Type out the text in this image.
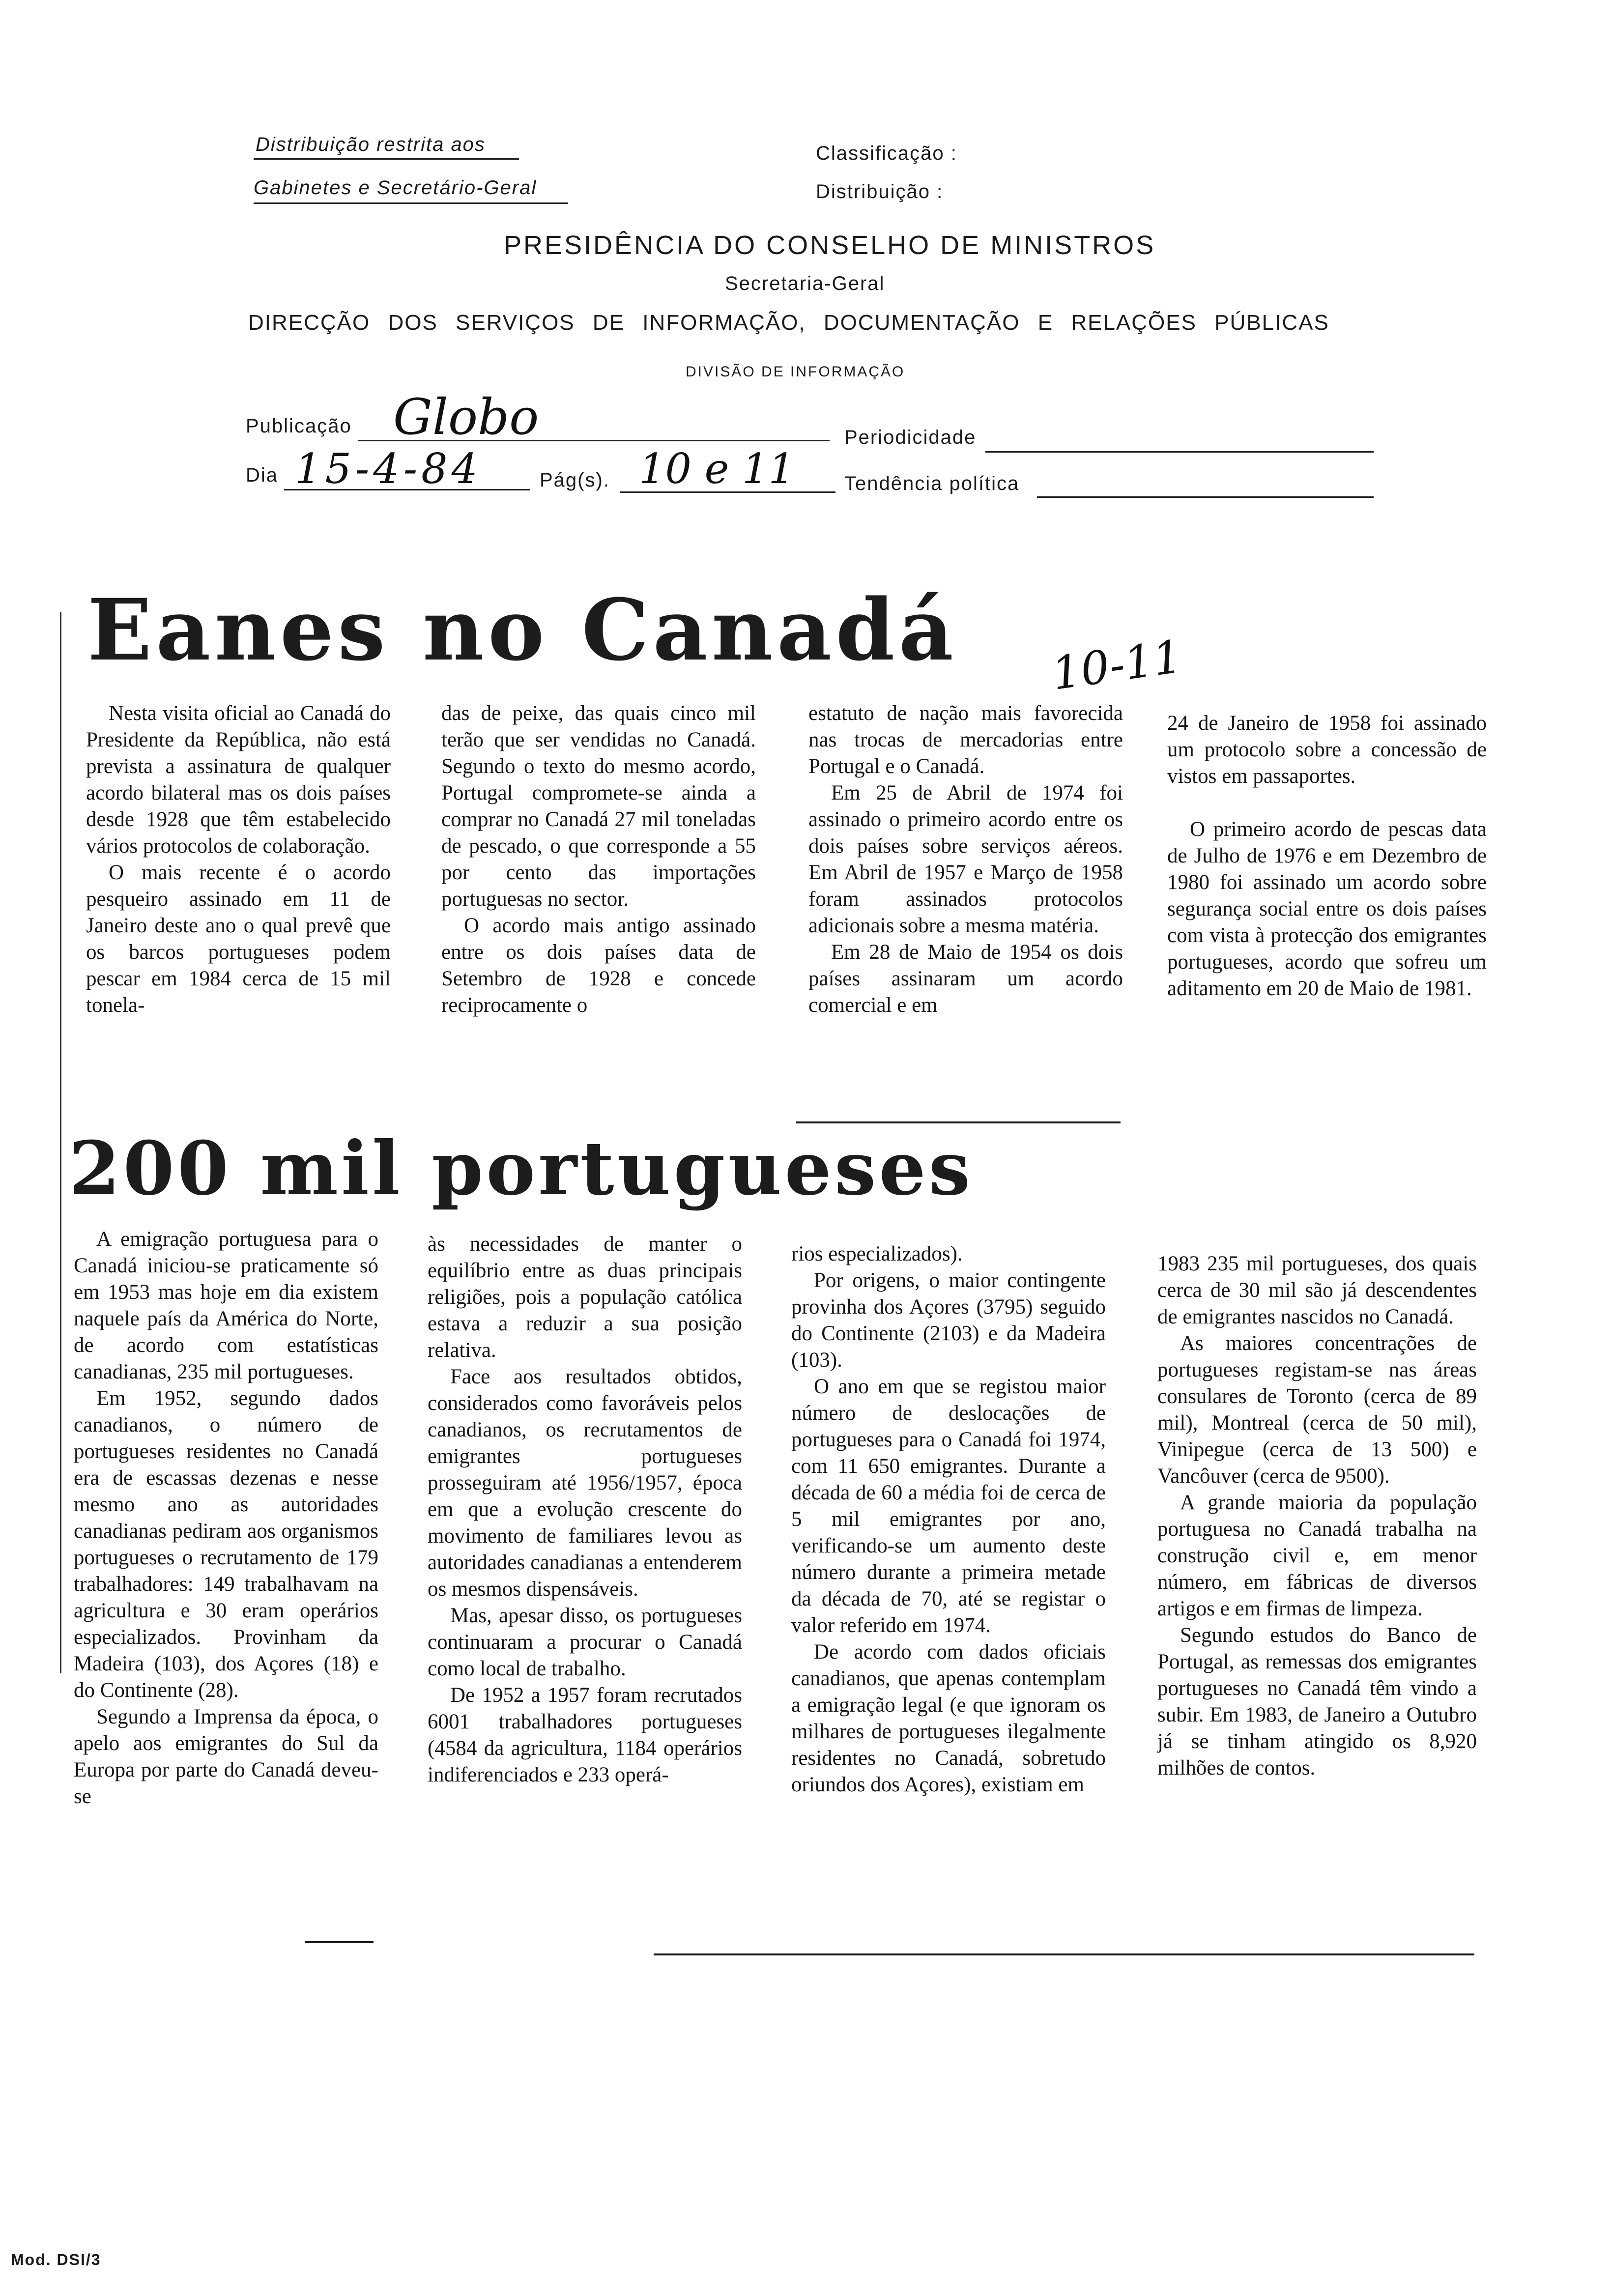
Distribuição restrita aos
Gabinetes e Secretário-Geral
Classificação :
Distribuição :
PRESIDÊNCIA DO CONSELHO DE MINISTROS
Secretaria-Geral
DIRECÇÃO DOS SERVIÇOS DE INFORMAÇÃO, DOCUMENTAÇÃO E RELAÇÕES PÚBLICAS
DIVISÃO DE INFORMAÇÃO
Publicação Globo	Periodicidade
Dia 15-4-84	Pág(s). 10 e 11	Tendência política
Eanes no Canadá 10-11

Nesta visita oficial ao Canadá do Presidente da República, não está prevista a assinatura de qualquer acordo bilateral mas os dois países desde 1928 que têm estabelecido vários protocolos de colaboração.

O mais recente é o acordo pesqueiro assinado em 11 de Janeiro deste ano o qual prevê que os barcos portugueses podem pescar em 1984 cerca de 15 mil tonela-

das de peixe, das quais cinco mil terão que ser vendidas no Canadá. Segundo o texto do mesmo acordo, Portugal compromete-se ainda a comprar no Canadá 27 mil toneladas de pescado, o que corresponde a 55 por cento das importações portuguesas no sector.

O acordo mais antigo assinado entre os dois países data de Setembro de 1928 e concede reciprocamente o

estatuto de nação mais favorecida nas trocas de mercadorias entre Portugal e o Canadá.

Em 25 de Abril de 1974 foi assinado o primeiro acordo entre os dois países sobre serviços aéreos. Em Abril de 1957 e Março de 1958 foram assinados protocolos adicionais sobre a mesma matéria.

Em 28 de Maio de 1954 os dois países assinaram um acordo comercial e em

24 de Janeiro de 1958 foi assinado um protocolo sobre a concessão de vistos em passaportes.

O primeiro acordo de pescas data de Julho de 1976 e em Dezembro de 1980 foi assinado um acordo sobre segurança social entre os dois países com vista à protecção dos emigrantes portugueses, acordo que sofreu um aditamento em 20 de Maio de 1981.

200 mil portugueses

A emigração portuguesa para o Canadá iniciou-se praticamente só em 1953 mas hoje em dia existem naquele país da América do Norte, de acordo com estatísticas canadianas, 235 mil portugueses.

Em 1952, segundo dados canadianos, o número de portugueses residentes no Canadá era de escassas dezenas e nesse mesmo ano as autoridades canadianas pediram aos organismos portugueses o recrutamento de 179 trabalhadores: 149 trabalhavam na agricultura e 30 eram operários especializados. Provinham da Madeira (103), dos Açores (18) e do Continente (28).

Segundo a Imprensa da época, o apelo aos emigrantes do Sul da Europa por parte do Canadá deveu-se

às necessidades de manter o equilíbrio entre as duas principais religiões, pois a população católica estava a reduzir a sua posição relativa.

Face aos resultados obtidos, considerados como favoráveis pelos canadianos, os recrutamentos de emigrantes portugueses prosseguiram até 1956/1957, época em que a evolução crescente do movimento de familiares levou as autoridades canadianas a entenderem os mesmos dispensáveis.

Mas, apesar disso, os portugueses continuaram a procurar o Canadá como local de trabalho.

De 1952 a 1957 foram recrutados 6001 trabalhadores portugueses (4584 da agricultura, 1184 operários indiferenciados e 233 operá-

rios especializados).

Por origens, o maior contingente provinha dos Açores (3795) seguido do Continente (2103) e da Madeira (103).

O ano em que se registou maior número de deslocações de portugueses para o Canadá foi 1974, com 11 650 emigrantes. Durante a década de 60 a média foi de cerca de 5 mil emigrantes por ano, verificando-se um aumento deste número durante a primeira metade da década de 70, até se registar o valor referido em 1974.

De acordo com dados oficiais canadianos, que apenas contemplam a emigração legal (e que ignoram os milhares de portugueses ilegalmente residentes no Canadá, sobretudo oriundos dos Açores), existiam em

1983 235 mil portugueses, dos quais cerca de 30 mil são já descendentes de emigrantes nascidos no Canadá.

As maiores concentrações de portugueses registam-se nas áreas consulares de Toronto (cerca de 89 mil), Montreal (cerca de 50 mil), Vinipegue (cerca de 13 500) e Vancôuver (cerca de 9500).

A grande maioria da população portuguesa no Canadá trabalha na construção civil e, em menor número, em fábricas de diversos artigos e em firmas de limpeza.

Segundo estudos do Banco de Portugal, as remessas dos emigrantes portugueses no Canadá têm vindo a subir. Em 1983, de Janeiro a Outubro já se tinham atingido os 8,920 milhões de contos.

Mod. DSI/3
